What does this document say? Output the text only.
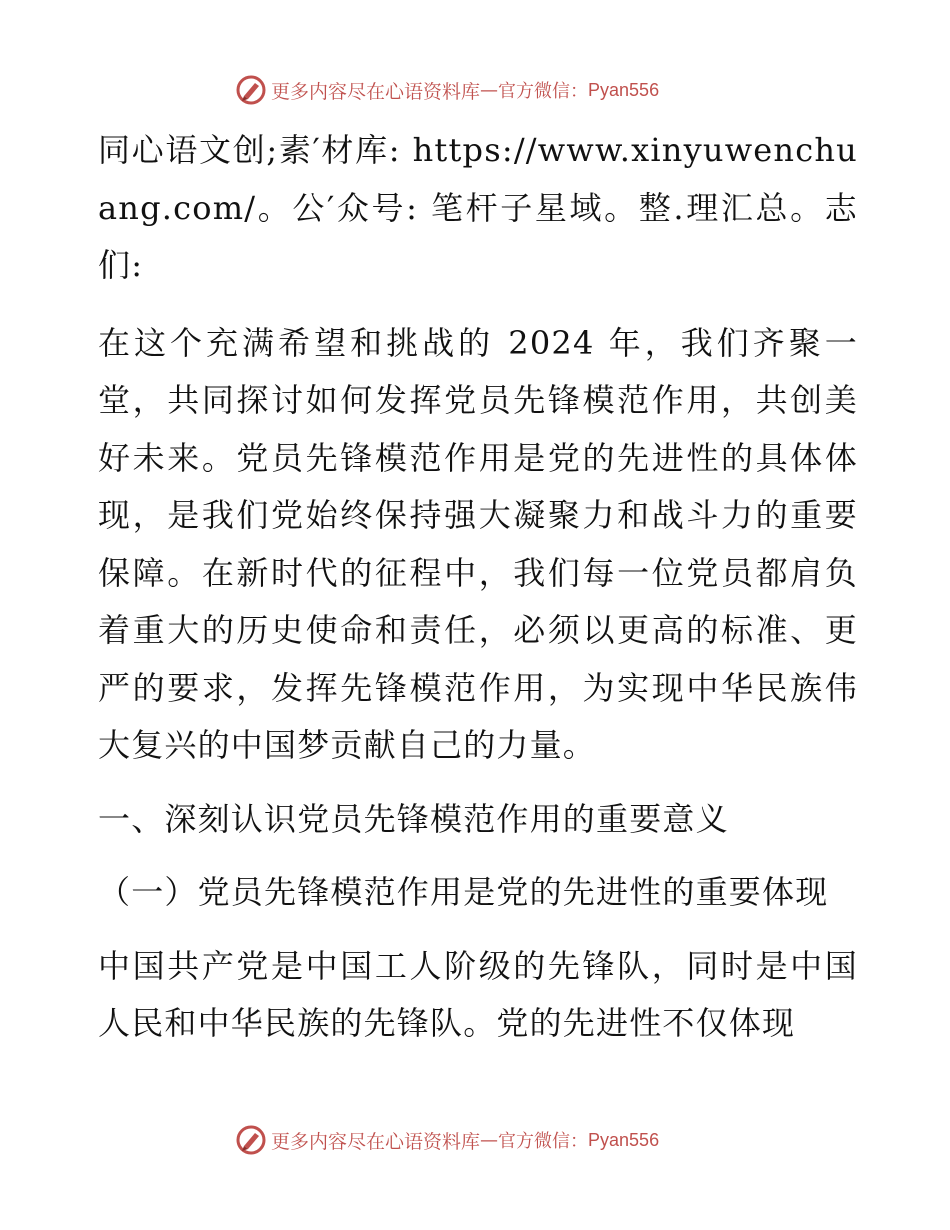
更多内容尽在心语资料库 — 官方微信： Pyan556

同心语文创;素′材库: https://www.xinyuwenchuang.com/。公′众号: 笔杆子星域。整.理汇总。志们:

在这个充满希望和挑战的 2024 年，我们齐聚一堂，共同探讨如何发挥党员先锋模范作用，共创美好未来。党员先锋模范作用是党的先进性的具体体现，是我们党始终保持强大凝聚力和战斗力的重要保障。在新时代的征程中，我们每一位党员都肩负着重大的历史使命和责任，必须以更高的标准、更严的要求，发挥先锋模范作用，为实现中华民族伟大复兴的中国梦贡献自己的力量。

一、深刻认识党员先锋模范作用的重要意义

（一）党员先锋模范作用是党的先进性的重要体现

中国共产党是中国工人阶级的先锋队，同时是中国人民和中华民族的先锋队。党的先进性不仅体现

更多内容尽在心语资料库 — 官方微信： Pyan556
